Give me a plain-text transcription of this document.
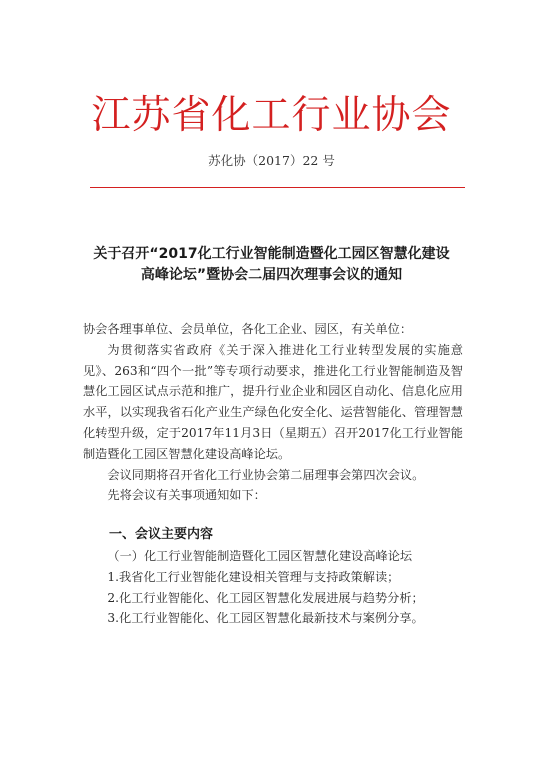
江苏省化工行业协会
苏化协（2017）22 号
关于召开“2017化工行业智能制造暨化工园区智慧化建设
高峰论坛”暨协会二届四次理事会议的通知

协会各理事单位、会员单位，各化工企业、园区，有关单位：

为贯彻落实省政府《关于深入推进化工行业转型发展的实施意见》、263和“四个一批”等专项行动要求，推进化工行业智能制造及智慧化工园区试点示范和推广，提升行业企业和园区自动化、信息化应用水平，以实现我省石化产业生产绿色化安全化、运营智能化、管理智慧化转型升级，定于2017年11月3日（星期五）召开2017化工行业智能制造暨化工园区智慧化建设高峰论坛。

会议同期将召开省化工行业协会第二届理事会第四次会议。

先将会议有关事项通知如下：

一、会议主要内容

（一）化工行业智能制造暨化工园区智慧化建设高峰论坛

1.我省化工行业智能化建设相关管理与支持政策解读；

2.化工行业智能化、化工园区智慧化发展进展与趋势分析；

3.化工行业智能化、化工园区智慧化最新技术与案例分享。
